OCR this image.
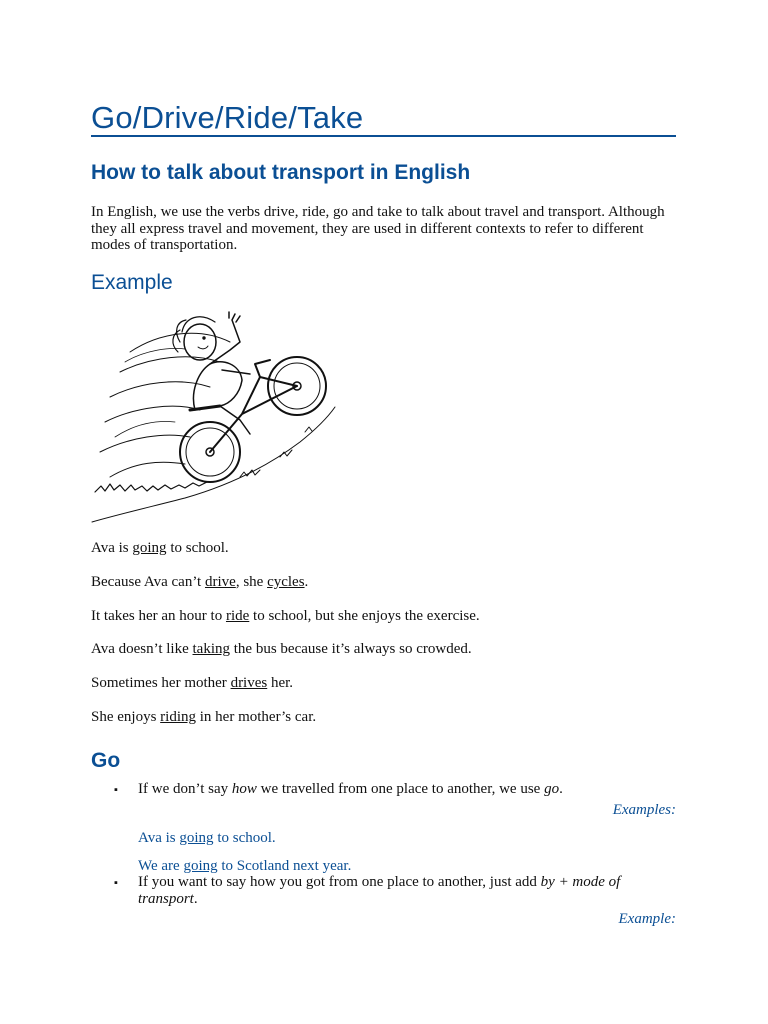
Go/Drive/Ride/Take
How to talk about transport in English

In English, we use the verbs drive, ride, go and take to talk about travel and transport. Although they all express travel and movement, they are used in different contexts to refer to different modes of transportation.

Example

Ava is going to school.

Because Ava can’t drive, she cycles.

It takes her an hour to ride to school, but she enjoys the exercise.

Ava doesn’t like taking the bus because it’s always so crowded.

Sometimes her mother drives her.

She enjoys riding in her mother’s car.

Go
▪ If we don’t say how we travelled from one place to another, we use go.

Examples:

Ava is going to school.

We are going to Scotland next year.

▪ If you want to say how you got from one place to another, just add by + mode of transport.

Example:
